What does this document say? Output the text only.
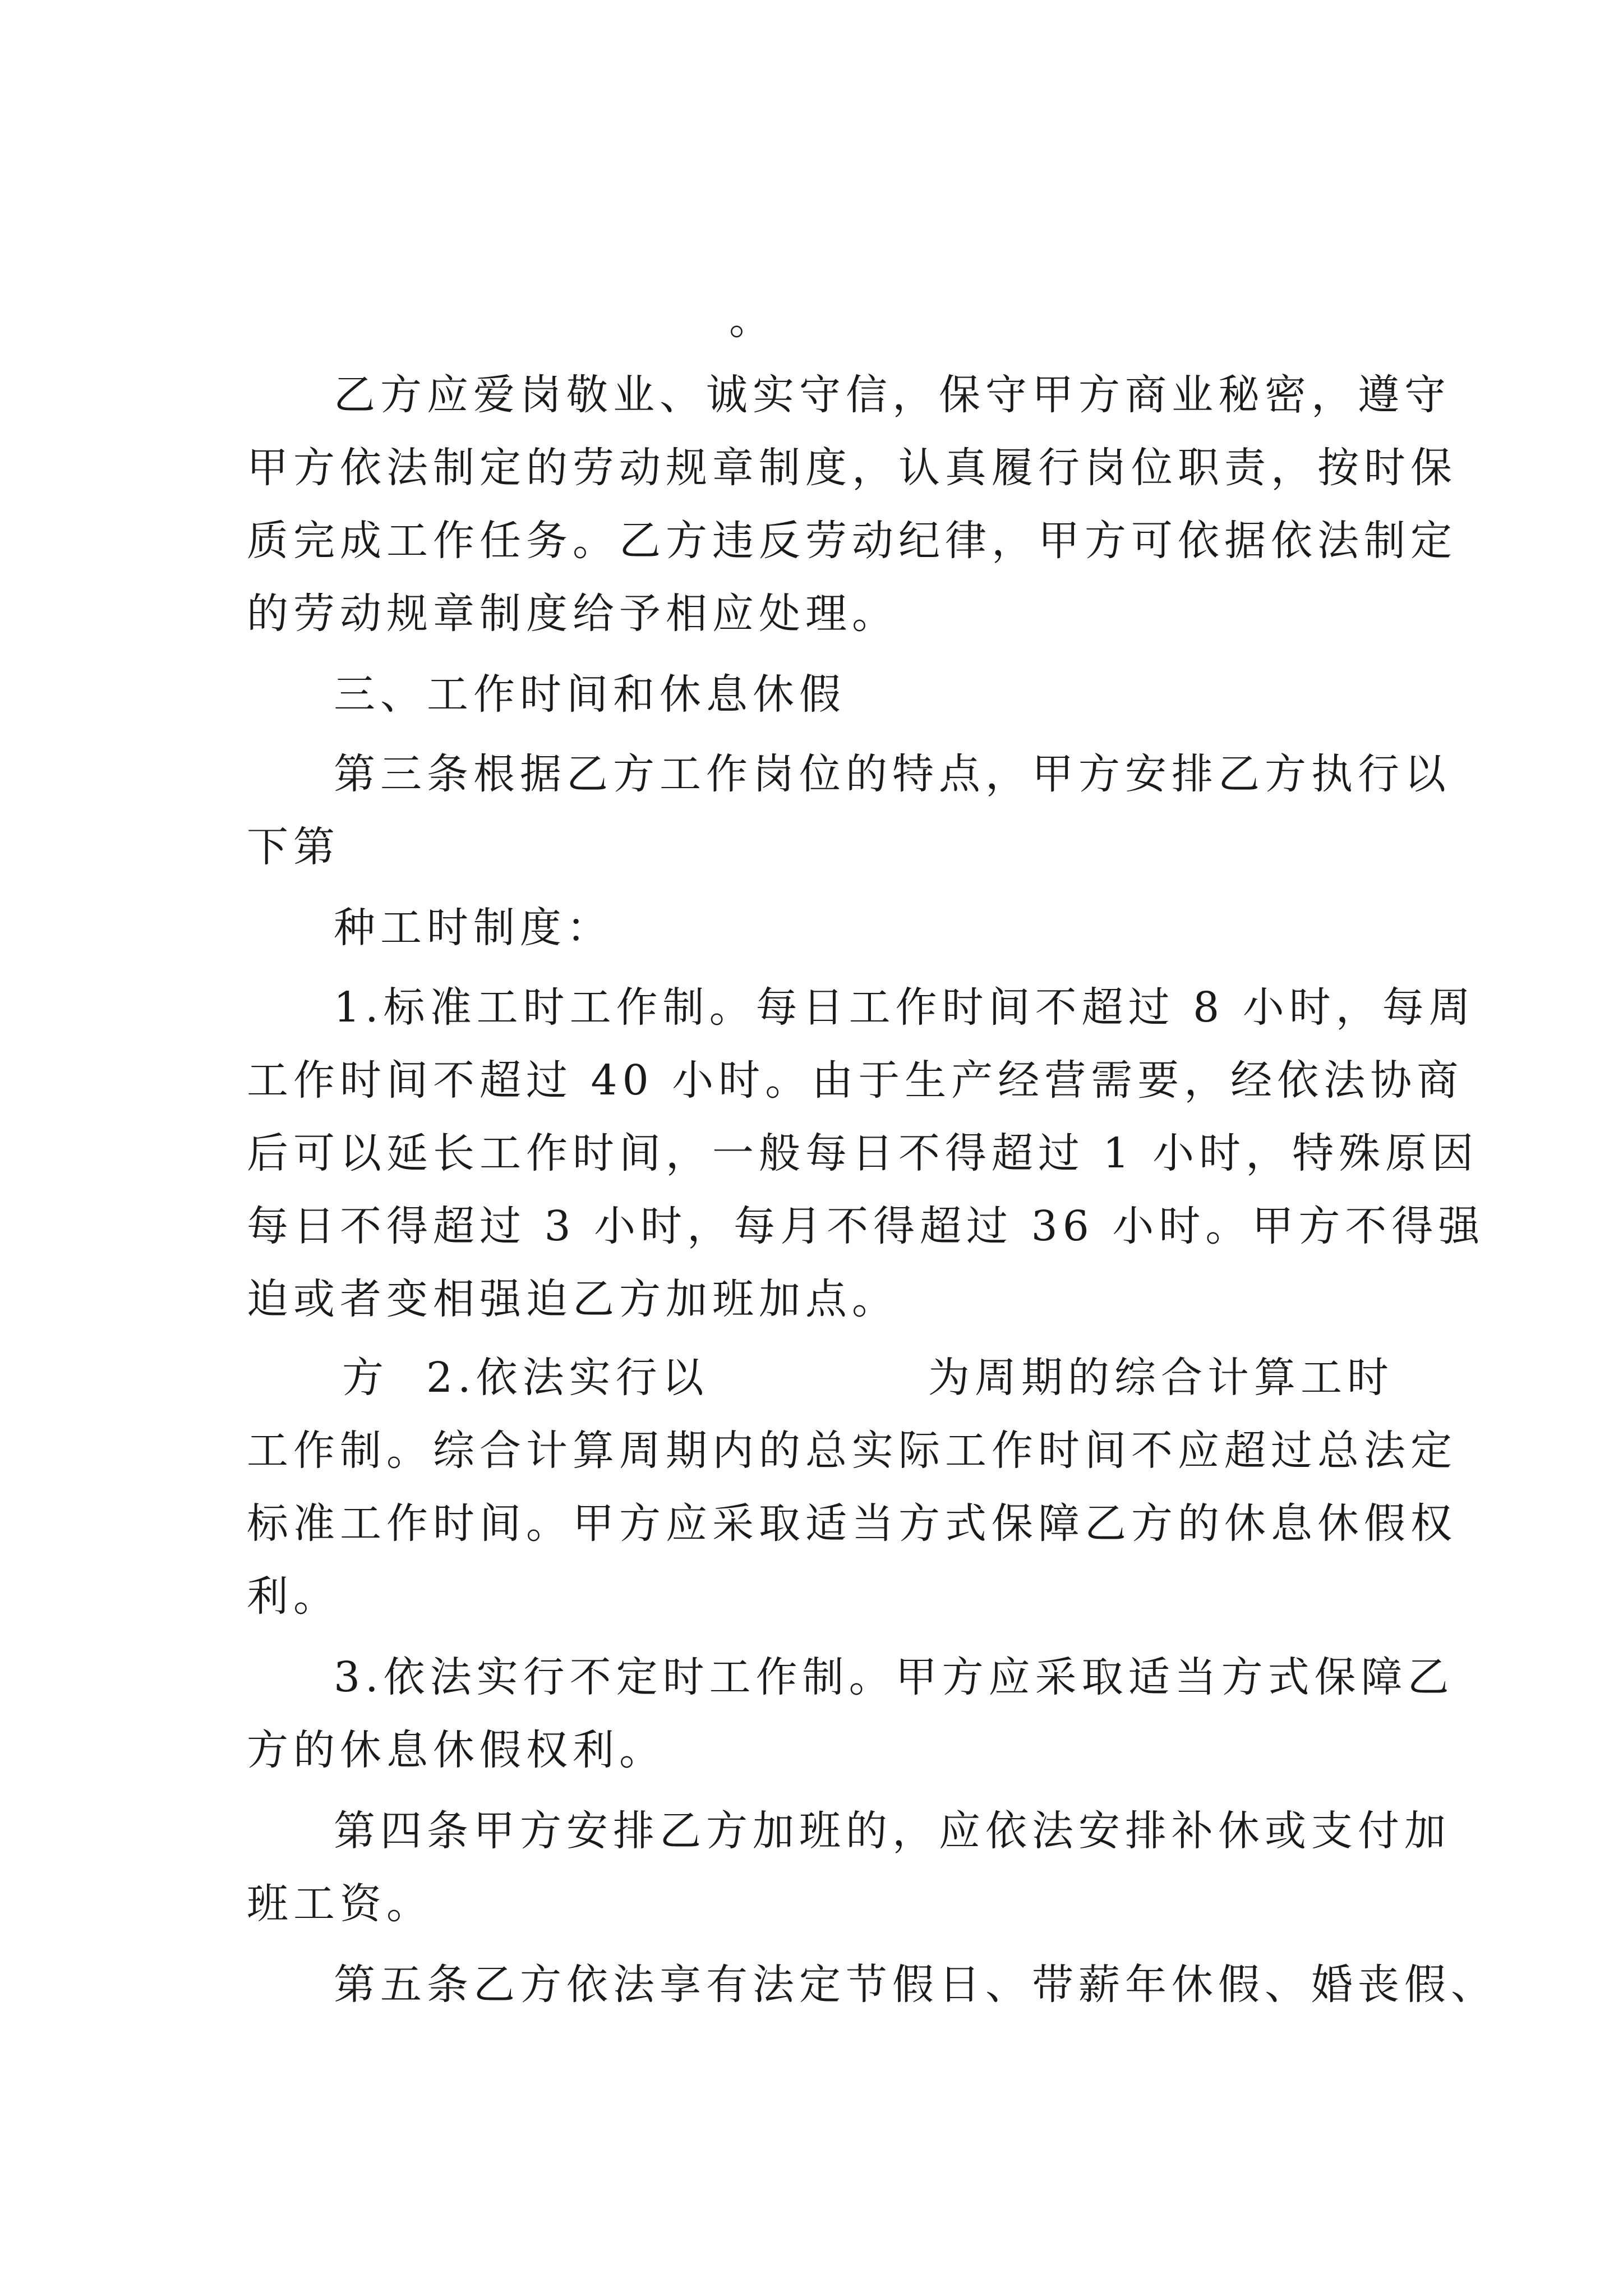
。
乙方应爱岗敬业、诚实守信，保守甲方商业秘密，遵守
甲方依法制定的劳动规章制度，认真履行岗位职责，按时保
质完成工作任务。乙方违反劳动纪律，甲方可依据依法制定
的劳动规章制度给予相应处理。
三、工作时间和休息休假
第三条根据乙方工作岗位的特点，甲方安排乙方执行以
下第
种工时制度：
1.标准工时工作制。每日工作时间不超过 8 小时，每周
工作时间不超过 40 小时。由于生产经营需要，经依法协商
后可以延长工作时间，一般每日不得超过 1 小时，特殊原因
每日不得超过 3 小时，每月不得超过 36 小时。甲方不得强
迫或者变相强迫乙方加班加点。
方 2.依法实行以	为周期的综合计算工时
工作制。综合计算周期内的总实际工作时间不应超过总法定
标准工作时间。甲方应采取适当方式保障乙方的休息休假权
利。
3.依法实行不定时工作制。甲方应采取适当方式保障乙
方的休息休假权利。
第四条甲方安排乙方加班的，应依法安排补休或支付加
班工资。
第五条乙方依法享有法定节假日、带薪年休假、婚丧假、
